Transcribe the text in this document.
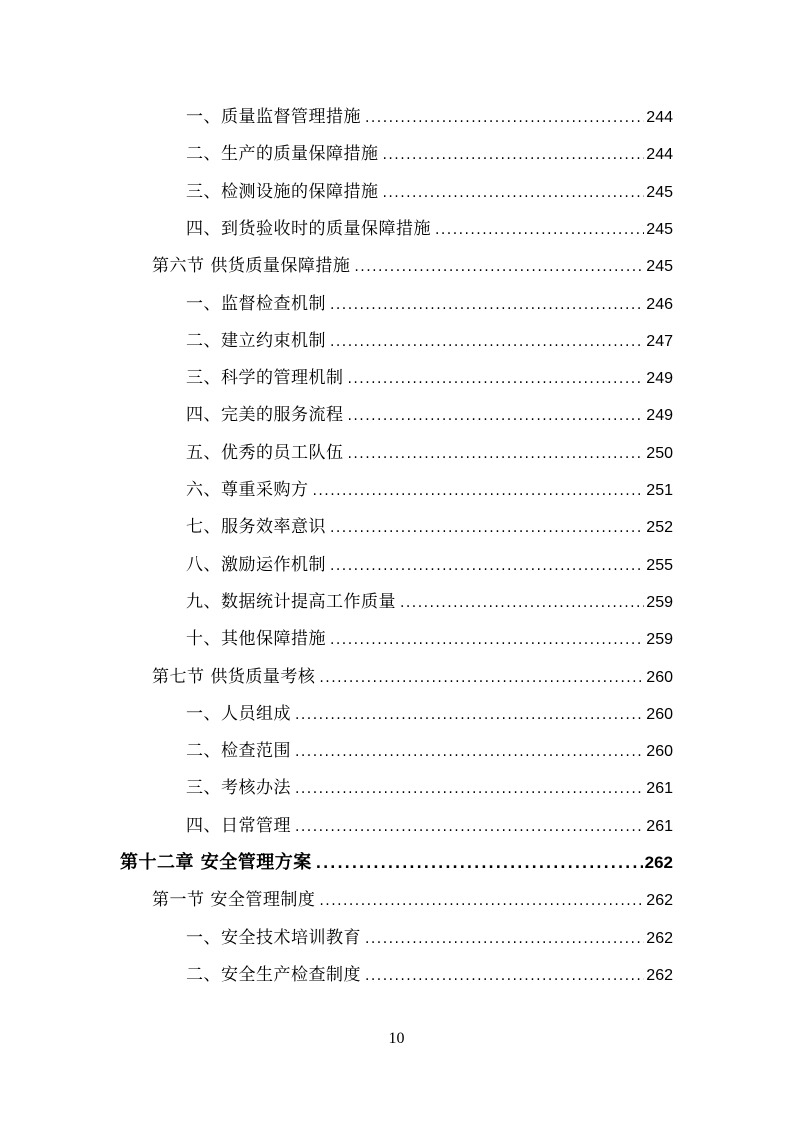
一、质量监督管理措施 . . .	244
二、生产的质量保障措施 . . .	244
三、检测设施的保障措施 . . .	245
四、到货验收时的质量保障措施 . . .	245
第六节 供货质量保障措施 . . .	245
一、监督检查机制 . . .	246
二、建立约束机制 . . .	247
三、科学的管理机制 . . .	249
四、完美的服务流程 . . .	249
五、优秀的员工队伍 . . .	250
六、尊重采购方 . . .	251
七、服务效率意识 . . .	252
八、激励运作机制 . . .	255
九、数据统计提高工作质量 . . .	259
十、其他保障措施 . . .	259
第七节 供货质量考核 . . .	260
一、人员组成 . . .	260
二、检查范围 . . .	260
三、考核办法 . . .	261
四、日常管理 . . .	261
第十二章 安全管理方案 . . .	262
第一节 安全管理制度 . . .	262
一、安全技术培训教育 . . .	262
二、安全生产检查制度 . . .	262
10
